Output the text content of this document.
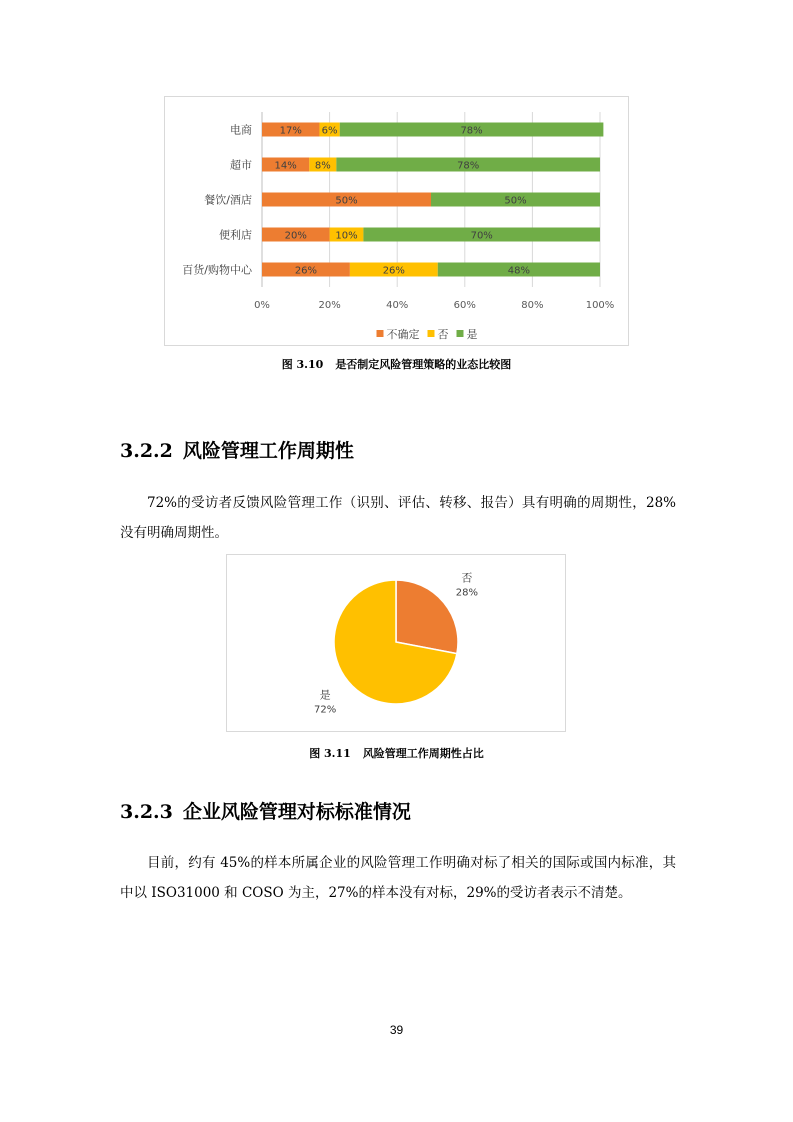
0%	20%	40%	60%	80%	100%
电商	17% 6%	78%
超市 14% 8%	78%
餐饮/酒店	50%	50%
便利店	20%	10%	70%
百货/购物中心	26%	26%	48%
不确定 否 是
图 3.10 是否制定风险管理策略的业态比较图
3.2.2 风险管理工作周期性
72%的受访者反馈风险管理工作（识别、评估、转移、报告）具有明确的周期性，28%没有明确周期性。
否
28%
是
72%
图 3.11 风险管理工作周期性占比
3.2.3 企业风险管理对标标准情况
目前，约有 45%的样本所属企业的风险管理工作明确对标了相关的国际或国内标准，其中以 ISO31000 和 COSO 为主，27%的样本没有对标，29%的受访者表示不清楚。
39
